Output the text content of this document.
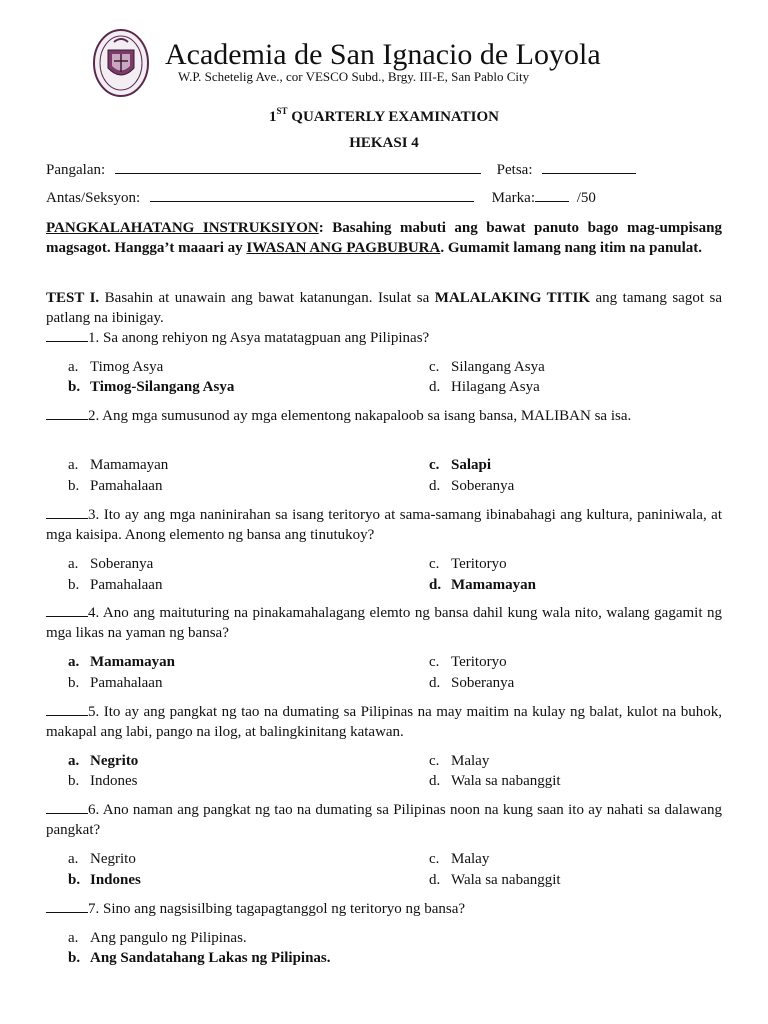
Academia de San Ignacio de Loyola
W.P. Schetelig Ave., cor VESCO Subd., Brgy. III-E, San Pablo City
1ST QUARTERLY EXAMINATION
HEKASI 4
Pangalan:	Petsa:
Antas/Seksyon:	Marka:	/50
PANGKALAHATANG INSTRUKSIYON: Basahing mabuti ang bawat panuto bago mag-umpisang magsagot. Hangga’t maaari ay IWASAN ANG PAGBUBURA. Gumamit lamang nang itim na panulat.
TEST I. Basahin at unawain ang bawat katanungan. Isulat sa MALALAKING TITIK ang tamang sagot sa patlang na ibinigay.
1. Sa anong rehiyon ng Asya matatagpuan ang Pilipinas?
a. Timog Asya
b. Timog-Silangang Asya
c. Silangang Asya
d. Hilagang Asya
2. Ang mga sumusunod ay mga elementong nakapaloob sa isang bansa, MALIBAN sa isa.
a. Mamamayan
b. Pamahalaan
c. Salapi
d. Soberanya
3. Ito ay ang mga naninirahan sa isang teritoryo at sama-samang ibinabahagi ang kultura, paniniwala, at mga kaisipa. Anong elemento ng bansa ang tinutukoy?
a. Soberanya
b. Pamahalaan
c. Teritoryo
d. Mamamayan
4. Ano ang maituturing na pinakamahalagang elemto ng bansa dahil kung wala nito, walang gagamit ng mga likas na yaman ng bansa?
a. Mamamayan
b. Pamahalaan
c. Teritoryo
d. Soberanya
5. Ito ay ang pangkat ng tao na dumating sa Pilipinas na may maitim na kulay ng balat, kulot na buhok, makapal ang labi, pango na ilog, at balingkinitang katawan.
a. Negrito
b. Indones
c. Malay
d. Wala sa nabanggit
6. Ano naman ang pangkat ng tao na dumating sa Pilipinas noon na kung saan ito ay nahati sa dalawang pangkat?
a. Negrito
b. Indones
c. Malay
d. Wala sa nabanggit
7. Sino ang nagsisilbing tagapagtanggol ng teritoryo ng bansa?
a. Ang pangulo ng Pilipinas.
b. Ang Sandatahang Lakas ng Pilipinas.
